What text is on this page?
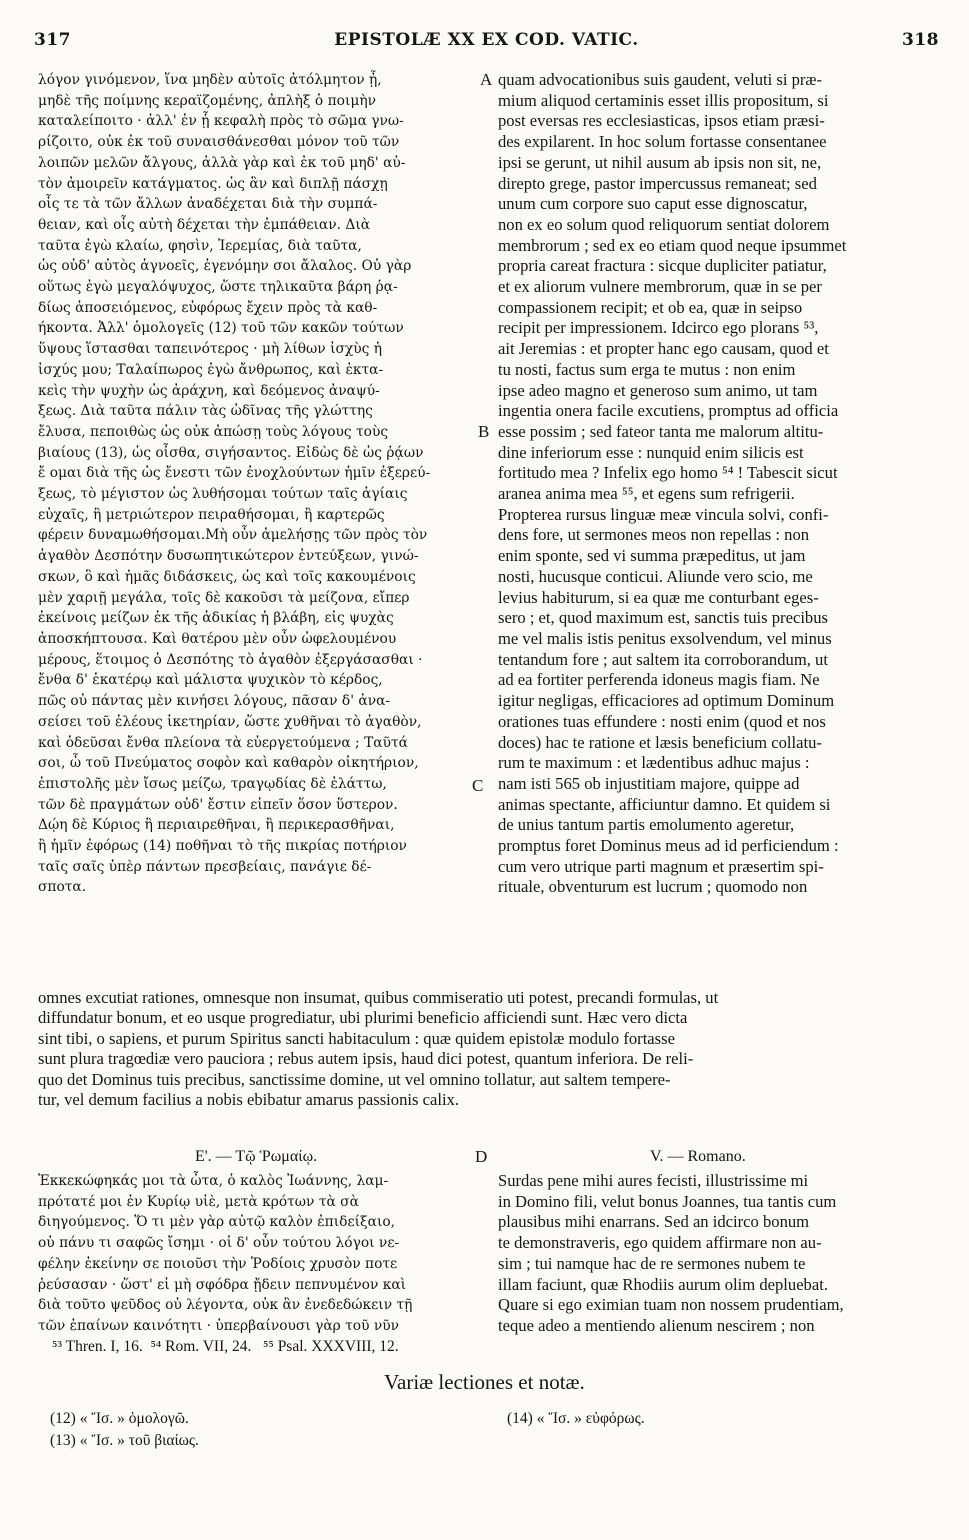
317	EPISTOLÆ XX EX COD. VATIC.	318
λόγον γινόμενον, ἵνα μηδὲν αὐτοῖς ἀτόλμητον ᾖ,
μηδὲ τῆς ποίμνης κεραϊζομένης, ἀπλὴξ ὁ ποιμὴν
καταλείποιτο · ἀλλ' ἐν ᾗ κεφαλὴ πρὸς τὸ σῶμα γνω-
ρίζοιτο, οὐκ ἐκ τοῦ συναισθάνεσθαι μόνον τοῦ τῶν
λοιπῶν μελῶν ἄλγους, ἀλλὰ γὰρ καὶ ἐκ τοῦ μηδ' αὐ-
τὸν ἀμοιρεῖν κατάγματος. ὡς ἂν καὶ διπλῇ πάσχῃ
οἷς τε τὰ τῶν ἄλλων ἀναδέχεται διὰ τὴν συμπά-
θειαν, καὶ οἷς αὐτὴ δέχεται τὴν ἐμπάθειαν. Διὰ
ταῦτα ἐγὼ κλαίω, φησὶν, Ἰερεμίας, διὰ ταῦτα,
ὡς οὐδ' αὐτὸς ἀγνοεῖς, ἐγενόμην σοι ἄλαλος. Οὐ γὰρ
οὕτως ἐγὼ μεγαλόψυχος, ὥστε τηλικαῦτα βάρη ῥᾳ-
δίως ἀποσειόμενος, εὐφόρως ἔχειν πρὸς τὰ καθ-
ήκοντα. Ἀλλ' ὁμολογεῖς (12) τοῦ τῶν κακῶν τούτων
ὕψους ἵστασθαι ταπεινότερος · μὴ λίθων ἰσχὺς ἡ
ἰσχύς μου; Ταλαίπωρος ἐγὼ ἄνθρωπος, καὶ ἐκτα-
κεὶς τὴν ψυχὴν ὡς ἀράχνη, καὶ δεόμενος ἀναψύ-
ξεως. Διὰ ταῦτα πάλιν τὰς ὠδῖνας τῆς γλώττης
ἔλυσα, πεποιθὼς ὡς οὐκ ἀπώσῃ τοὺς λόγους τοὺς
βιαίους (13), ὡς οἶσθα, σιγήσαντος. Εἰδὼς δὲ ὡς ῥᾴων
ἔ ομαι διὰ τῆς ὡς ἔνεστι τῶν ἐνοχλούντων ἡμῖν ἐξερεύ-
ξεως, τὸ μέγιστον ὡς λυθήσομαι τούτων ταῖς ἁγίαις
εὐχαῖς, ἢ μετριώτερον πειραθήσομαι, ἢ καρτερῶς
φέρειν δυναμωθήσομαι.Μὴ οὖν ἀμελήσῃς τῶν πρὸς τὸν
ἀγαθὸν Δεσπότην δυσωπητικώτερον ἐντεύξεων, γινώ-
σκων, ὃ καὶ ἡμᾶς διδάσκεις, ὡς καὶ τοῖς κακουμένοις
μὲν χαριῇ μεγάλα, τοῖς δὲ κακοῦσι τὰ μείζονα, εἴπερ
ἐκείνοις μείζων ἐκ τῆς ἀδικίας ἡ βλάβη, εἰς ψυχὰς
ἀποσκήπτουσα. Καὶ θατέρου μὲν οὖν ὠφελουμένου
μέρους, ἕτοιμος ὁ Δεσπότης τὸ ἀγαθὸν ἐξεργάσασθαι ·
ἔνθα δ' ἑκατέρῳ καὶ μάλιστα ψυχικὸν τὸ κέρδος,
πῶς οὐ πάντας μὲν κινήσει λόγους, πᾶσαν δ' ἀνα-
σείσει τοῦ ἐλέους ἱκετηρίαν, ὥστε χυθῆναι τὸ ἀγαθὸν,
καὶ ὁδεῦσαι ἔνθα πλείονα τὰ εὐεργετούμενα ; Ταῦτά
σοι, ὦ τοῦ Πνεύματος σοφὸν καὶ καθαρὸν οἰκητήριον,
ἐπιστολῆς μὲν ἴσως μείζω, τραγῳδίας δὲ ἐλάττω,
τῶν δὲ πραγμάτων οὐδ' ἔστιν εἰπεῖν ὅσον ὕστερον.
Δῴη δὲ Κύριος ἢ περιαιρεθῆναι, ἢ περικερασθῆναι,
ἢ ἡμῖν ἐφόρως (14) ποθῆναι τὸ τῆς πικρίας ποτήριον
ταῖς σαῖς ὑπὲρ πάντων πρεσβείαις, πανάγιε δέ-
σποτα.
quam advocationibus suis gaudent, veluti si præ-
mium aliquod certaminis esset illis propositum, si
post eversas res ecclesiasticas, ipsos etiam præsi-
des expilarent. In hoc solum fortasse consentanee
ipsi se gerunt, ut nihil ausum ab ipsis non sit, ne,
direpto grege, pastor impercussus remaneat; sed
unum cum corpore suo caput esse dignoscatur,
non ex eo solum quod reliquorum sentiat dolorem
membrorum ; sed ex eo etiam quod neque ipsummet
propria careat fractura : sicque dupliciter patiatur,
et ex aliorum vulnere membrorum, quæ in se per
compassionem recipit; et ob ea, quæ in seipso
recipit per impressionem. Idcirco ego plorans ⁵³,
ait Jeremias : et propter hanc ego causam, quod et
tu nosti, factus sum erga te mutus : non enim
ipse adeo magno et generoso sum animo, ut tam
ingentia onera facile excutiens, promptus ad officia
esse possim ; sed fateor tanta me malorum altitu-
dine inferiorum esse : nunquid enim silicis est
fortitudo mea ? Infelix ego homo ⁵⁴ ! Tabescit sicut
aranea anima mea ⁵⁵, et egens sum refrigerii.
Propterea rursus linguæ meæ vincula solvi, confi-
dens fore, ut sermones meos non repellas : non
enim sponte, sed vi summa præpeditus, ut jam
nosti, hucusque conticui. Aliunde vero scio, me
levius habiturum, si ea quæ me conturbant eges-
sero ; et, quod maximum est, sanctis tuis precibus
me vel malis istis penitus exsolvendum, vel minus
tentandum fore ; aut saltem ita corroborandum, ut
ad ea fortiter perferenda idoneus magis fiam. Ne
igitur negligas, efficaciores ad optimum Dominum
orationes tuas effundere : nosti enim (quod et nos
doces) hac te ratione et læsis beneficium collatu-
rum te maximum : et lædentibus adhuc majus :
nam isti 565 ob injustitiam majore, quippe ad
animas spectante, afficiuntur damno. Et quidem si
de unius tantum partis emolumento ageretur,
promptus foret Dominus meus ad id perficiendum :
cum vero utrique parti magnum et præsertim spi-
rituale, obventurum est lucrum ; quomodo non
omnes excutiat rationes, omnesque non insumat, quibus commiseratio uti potest, precandi formulas, ut
diffundatur bonum, et eo usque progrediatur, ubi plurimi beneficio afficiendi sunt. Hæc vero dicta
sint tibi, o sapiens, et purum Spiritus sancti habitaculum : quæ quidem epistolæ modulo fortasse
sunt plura tragœdiæ vero pauciora ; rebus autem ipsis, haud dici potest, quantum inferiora. De reli-
quo det Dominus tuis precibus, sanctissime domine, ut vel omnino tollatur, aut saltem tempere-
tur, vel demum facilius a nobis ebibatur amarus passionis calix.
A
B
C
D
Ε'. — Τῷ Ῥωμαίῳ.	V. — Romano.
Ἐκκεκώφηκάς μοι τὰ ὦτα, ὁ καλὸς Ἰωάννης, λαμ-
πρότατέ μοι ἐν Κυρίῳ υἱὲ, μετὰ κρότων τὰ σὰ
διηγούμενος. Ὅ τι μὲν γὰρ αὐτῷ καλὸν ἐπιδείξαιο,
οὐ πάνυ τι σαφῶς ἴσημι · οἱ δ' οὖν τούτου λόγοι νε-
φέλην ἐκείνην σε ποιοῦσι τὴν Ῥοδίοις χρυσὸν ποτε
ῥεύσασαν · ὥστ' εἰ μὴ σφόδρα ᾔδειν πεπνυμένον καὶ
διὰ τοῦτο ψεῦδος οὐ λέγοντα, οὐκ ἂν ἐνεδεδώκειν τῇ
τῶν ἐπαίνων καινότητι · ὑπερβαίνουσι γὰρ τοῦ νῦν
Surdas pene mihi aures fecisti, illustrissime mi
in Domino fili, velut bonus Joannes, tua tantis cum
plausibus mihi enarrans. Sed an idcirco bonum
te demonstraveris, ego quidem affirmare non au-
sim ; tui namque hac de re sermones nubem te
illam faciunt, quæ Rhodiis aurum olim depluebat.
Quare si ego eximian tuam non nossem prudentiam,
teque adeo a mentiendo alienum nescirem ; non
⁵³ Thren. I, 16.  ⁵⁴ Rom. VII, 24.   ⁵⁵ Psal. XXXVIII, 12.
Variæ lectiones et notæ.
(12) « Ἴσ. » ὁμολογῶ.
(13) « Ἴσ. » τοῦ βιαίως.
(14) « Ἴσ. » εὐφόρως.
